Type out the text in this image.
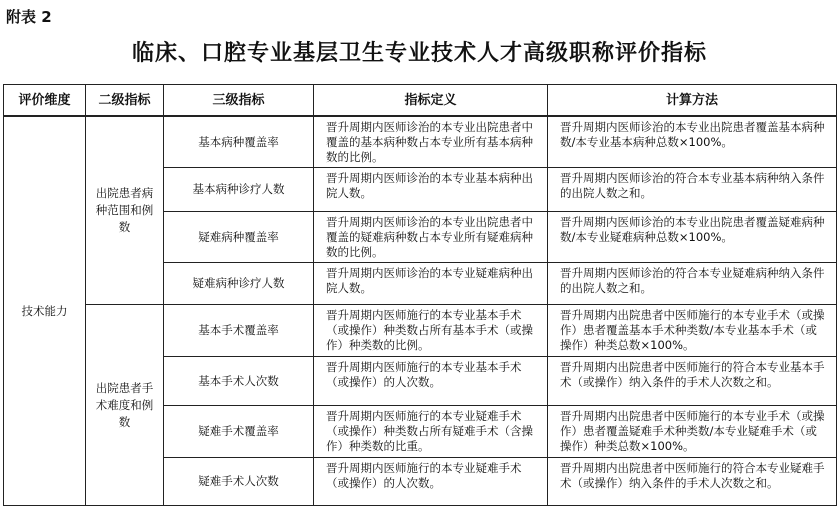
附表 2
临床、口腔专业基层卫生专业技术人才高级职称评价指标
评价维度	二级指标	三级指标	指标定义	计算方法
技术能力	出院患者病种范围和例数	基本病种覆盖率	晋升周期内医师诊治的本专业出院患者中覆盖的基本病种数占本专业所有基本病种数的比例。	晋升周期内医师诊治的本专业出院患者覆盖基本病种数/本专业基本病种总数×100%。
		基本病种诊疗人数	晋升周期内医师诊治的本专业基本病种出院人数。	晋升周期内医师诊治的符合本专业基本病种纳入条件的出院人数之和。
		疑难病种覆盖率	晋升周期内医师诊治的本专业出院患者中覆盖的疑难病种数占本专业所有疑难病种数的比例。	晋升周期内医师诊治的本专业出院患者覆盖疑难病种数/本专业疑难病种总数×100%。
		疑难病种诊疗人数	晋升周期内医师诊治的本专业疑难病种出院人数。	晋升周期内医师诊治的符合本专业疑难病种纳入条件的出院人数之和。
	出院患者手术难度和例数	基本手术覆盖率	晋升周期内医师施行的本专业基本手术（或操作）种类数占所有基本手术（或操作）种类数的比例。	晋升周期内出院患者中医师施行的本专业手术（或操作）患者覆盖基本手术种类数/本专业基本手术（或操作）种类总数×100%。
		基本手术人次数	晋升周期内医师施行的本专业基本手术（或操作）的人次数。	晋升周期内出院患者中医师施行的符合本专业基本手术（或操作）纳入条件的手术人次数之和。
		疑难手术覆盖率	晋升周期内医师施行的本专业疑难手术（或操作）种类数占所有疑难手术（含操作）种类数的比重。	晋升周期内出院患者中医师施行的本专业手术（或操作）患者覆盖疑难手术种类数/本专业疑难手术（或操作）种类总数×100%。
		疑难手术人次数	晋升周期内医师施行的本专业疑难手术（或操作）的人次数。	晋升周期内出院患者中医师施行的符合本专业疑难手术（或操作）纳入条件的手术人次数之和。
